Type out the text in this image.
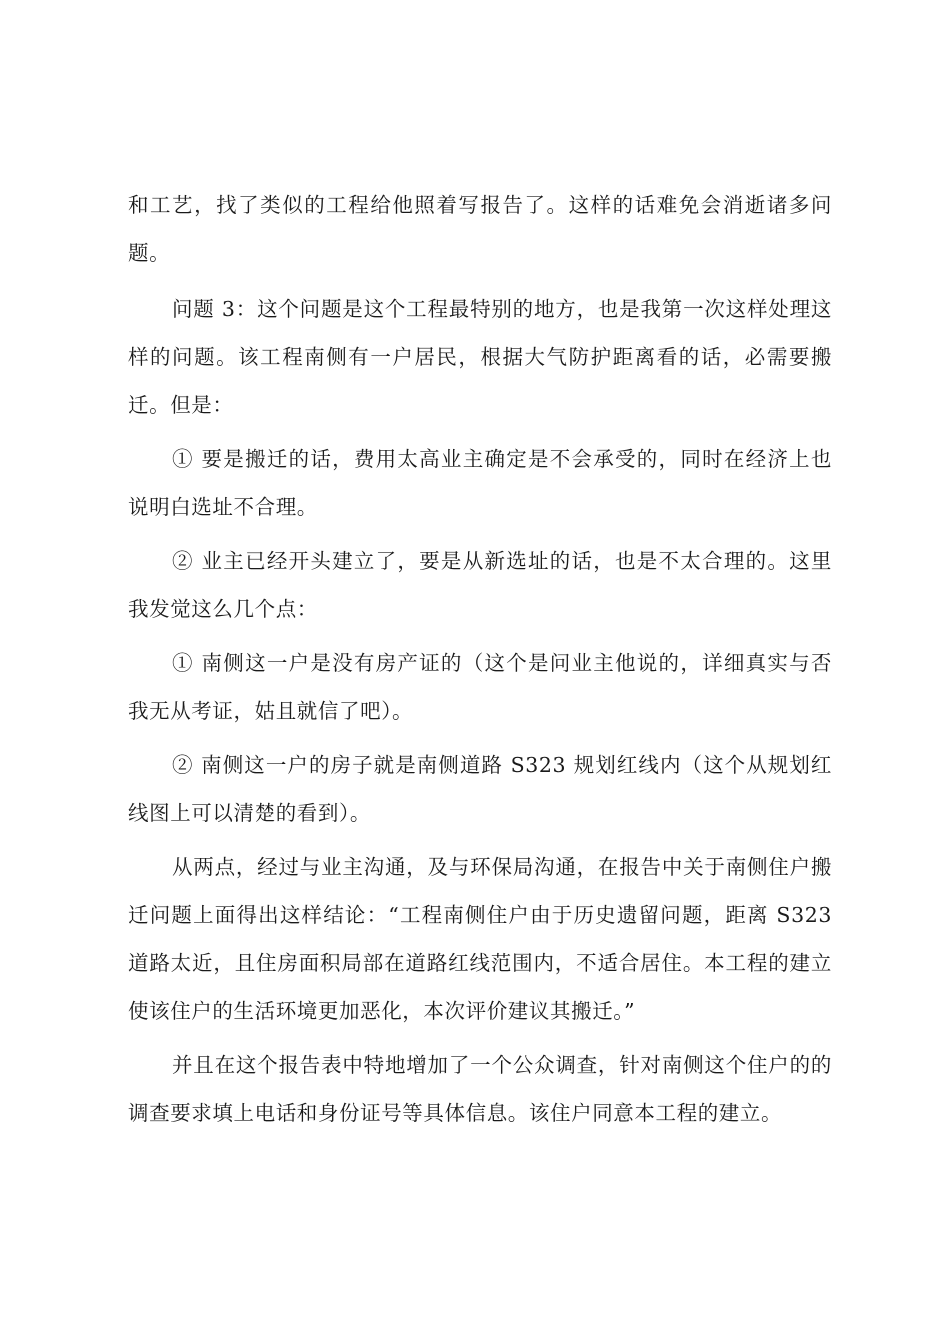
和工艺，找了类似的工程给他照着写报告了。这样的话难免会消逝诸多问题。

问题 3：这个问题是这个工程最特别的地方，也是我第一次这样处理这样的问题。该工程南侧有一户居民，根据大气防护距离看的话，必需要搬迁。但是：

① 要是搬迁的话，费用太高业主确定是不会承受的，同时在经济上也说明白选址不合理。

② 业主已经开头建立了，要是从新选址的话，也是不太合理的。这里我发觉这么几个点：

① 南侧这一户是没有房产证的（这个是问业主他说的，详细真实与否我无从考证，姑且就信了吧）。

② 南侧这一户的房子就是南侧道路 S323 规划红线内（这个从规划红线图上可以清楚的看到）。

从两点，经过与业主沟通，及与环保局沟通，在报告中关于南侧住户搬迁问题上面得出这样结论：“工程南侧住户由于历史遗留问题，距离 S323 道路太近，且住房面积局部在道路红线范围内，不适合居住。本工程的建立使该住户的生活环境更加恶化，本次评价建议其搬迁。”

并且在这个报告表中特地增加了一个公众调查，针对南侧这个住户的的调查要求填上电话和身份证号等具体信息。该住户同意本工程的建立。
